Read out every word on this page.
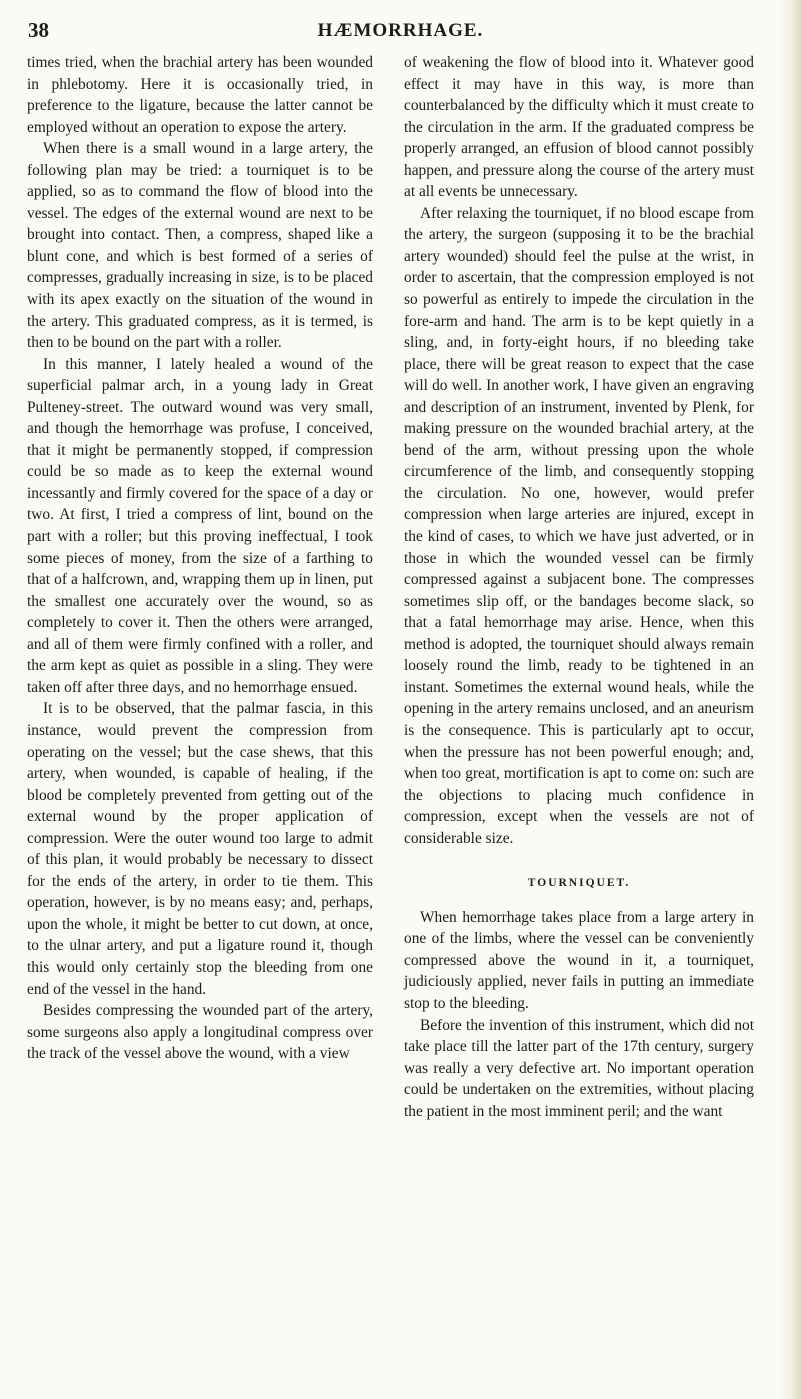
38	HÆMORRHAGE.

times tried, when the brachial artery has been wounded in phlebotomy. Here it is occasionally tried, in preference to the ligature, because the latter cannot be employed without an operation to expose the artery.

When there is a small wound in a large artery, the following plan may be tried: a tourniquet is to be applied, so as to command the flow of blood into the vessel. The edges of the external wound are next to be brought into contact. Then, a compress, shaped like a blunt cone, and which is best formed of a series of compresses, gradually increasing in size, is to be placed with its apex exactly on the situation of the wound in the artery. This graduated compress, as it is termed, is then to be bound on the part with a roller.

In this manner, I lately healed a wound of the superficial palmar arch, in a young lady in Great Pulteney-street. The outward wound was very small, and though the hemorrhage was profuse, I conceived, that it might be permanently stopped, if compression could be so made as to keep the external wound incessantly and firmly covered for the space of a day or two. At first, I tried a compress of lint, bound on the part with a roller; but this proving ineffectual, I took some pieces of money, from the size of a farthing to that of a halfcrown, and, wrapping them up in linen, put the smallest one accurately over the wound, so as completely to cover it. Then the others were arranged, and all of them were firmly confined with a roller, and the arm kept as quiet as possible in a sling. They were taken off after three days, and no hemorrhage ensued.

It is to be observed, that the palmar fascia, in this instance, would prevent the compression from operating on the vessel; but the case shews, that this artery, when wounded, is capable of healing, if the blood be completely prevented from getting out of the external wound by the proper application of compression. Were the outer wound too large to admit of this plan, it would probably be necessary to dissect for the ends of the artery, in order to tie them. This operation, however, is by no means easy; and, perhaps, upon the whole, it might be better to cut down, at once, to the ulnar artery, and put a ligature round it, though this would only certainly stop the bleeding from one end of the vessel in the hand.

Besides compressing the wounded part of the artery, some surgeons also apply a longitudinal compress over the track of the vessel above the wound, with a view

of weakening the flow of blood into it. Whatever good effect it may have in this way, is more than counterbalanced by the difficulty which it must create to the circulation in the arm. If the graduated compress be properly arranged, an effusion of blood cannot possibly happen, and pressure along the course of the artery must at all events be unnecessary.

After relaxing the tourniquet, if no blood escape from the artery, the surgeon (supposing it to be the brachial artery wounded) should feel the pulse at the wrist, in order to ascertain, that the compression employed is not so powerful as entirely to impede the circulation in the fore-arm and hand. The arm is to be kept quietly in a sling, and, in forty-eight hours, if no bleeding take place, there will be great reason to expect that the case will do well. In another work, I have given an engraving and description of an instrument, invented by Plenk, for making pressure on the wounded brachial artery, at the bend of the arm, without pressing upon the whole circumference of the limb, and consequently stopping the circulation. No one, however, would prefer compression when large arteries are injured, except in the kind of cases, to which we have just adverted, or in those in which the wounded vessel can be firmly compressed against a subjacent bone. The compresses sometimes slip off, or the bandages become slack, so that a fatal hemorrhage may arise. Hence, when this method is adopted, the tourniquet should always remain loosely round the limb, ready to be tightened in an instant. Sometimes the external wound heals, while the opening in the artery remains unclosed, and an aneurism is the consequence. This is particularly apt to occur, when the pressure has not been powerful enough; and, when too great, mortification is apt to come on: such are the objections to placing much confidence in compression, except when the vessels are not of considerable size.

TOURNIQUET.

When hemorrhage takes place from a large artery in one of the limbs, where the vessel can be conveniently compressed above the wound in it, a tourniquet, judiciously applied, never fails in putting an immediate stop to the bleeding.

Before the invention of this instrument, which did not take place till the latter part of the 17th century, surgery was really a very defective art. No important operation could be undertaken on the extremities, without placing the patient in the most imminent peril; and the want
